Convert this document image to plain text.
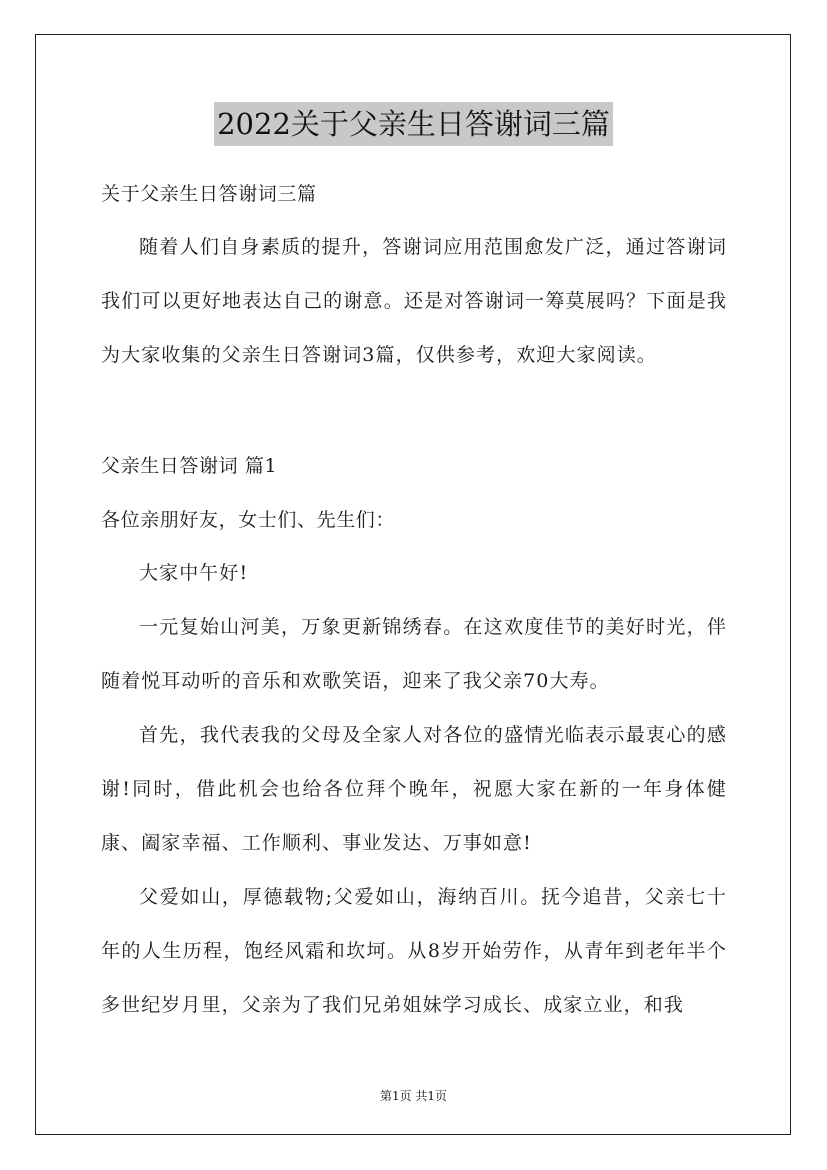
2022关于父亲生日答谢词三篇
关于父亲生日答谢词三篇
随着人们自身素质的提升，答谢词应用范围愈发广泛，通过答谢词我们可以更好地表达自己的谢意。还是对答谢词一筹莫展吗？下面是我为大家收集的父亲生日答谢词3篇，仅供参考，欢迎大家阅读。
父亲生日答谢词 篇1
各位亲朋好友，女士们、先生们：
大家中午好!
一元复始山河美，万象更新锦绣春。在这欢度佳节的美好时光，伴随着悦耳动听的音乐和欢歌笑语，迎来了我父亲70大寿。
首先，我代表我的父母及全家人对各位的盛情光临表示最衷心的感谢!同时，借此机会也给各位拜个晚年，祝愿大家在新的一年身体健康、阖家幸福、工作顺利、事业发达、万事如意!
父爱如山，厚德载物;父爱如山，海纳百川。抚今追昔，父亲七十年的人生历程，饱经风霜和坎坷。从8岁开始劳作，从青年到老年半个多世纪岁月里，父亲为了我们兄弟姐妹学习成长、成家立业，和我
第1页 共1页
